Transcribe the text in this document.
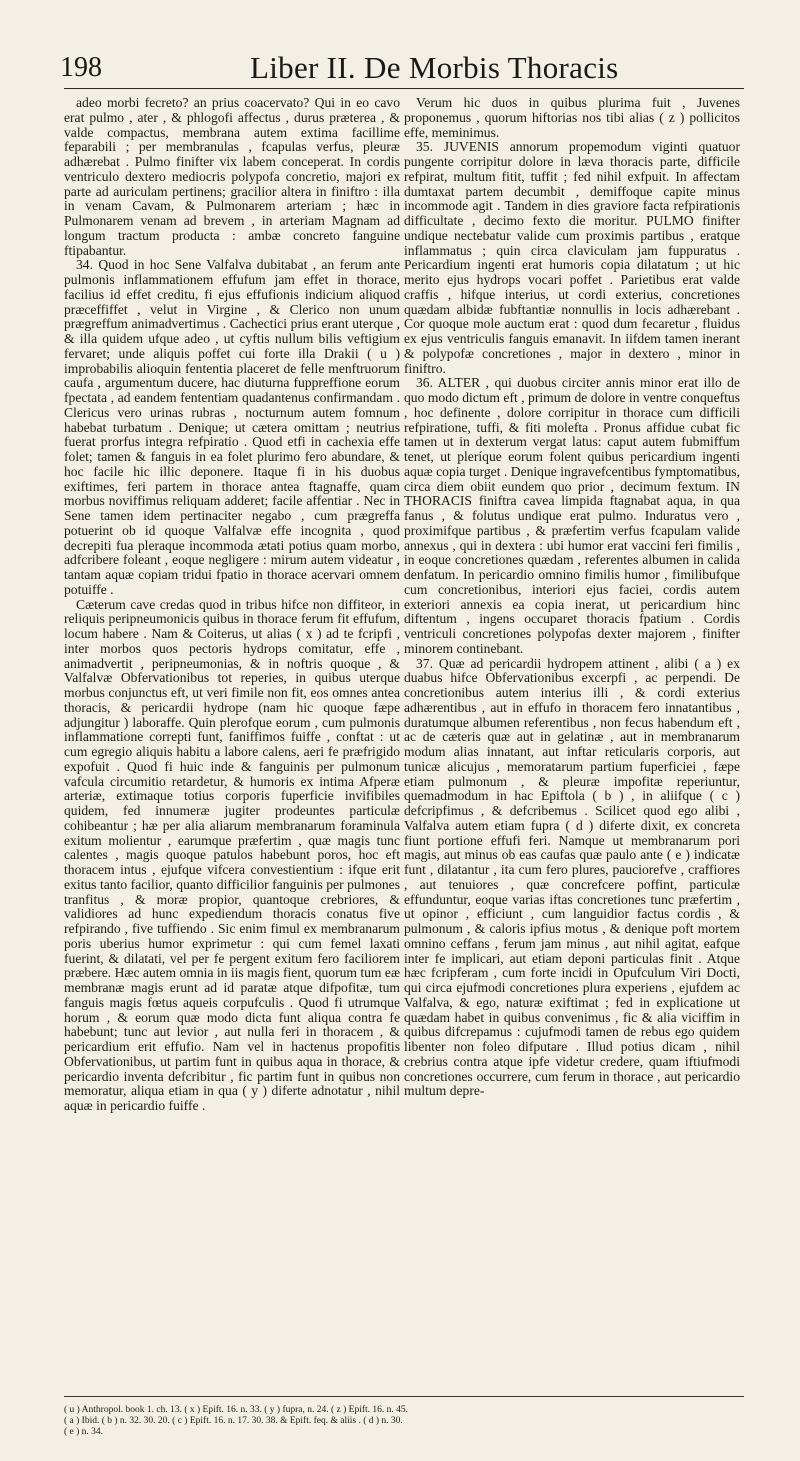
198	Liber II. De Morbis Thoracis

adeo morbi fecreto? an prius coacervato? Qui in eo cavo erat pulmo , ater , & phlogofi affectus , durus præterea , & valde compactus, membrana autem extima facillime feparabili ; per membranulas , fcapulas verfus, pleuræ adhærebat . Pulmo finifter vix labem conceperat. In cordis ventriculo dextero mediocris polypofa concretio, majori ex parte ad auriculam pertinens; gracilior altera in finiftro : illa in venam Cavam, & Pulmonarem arteriam ; hæc in Pulmonarem venam ad brevem , in arteriam Magnam ad longum tractum producta : ambæ concreto fanguine ftipabantur.

34. Quod in hoc Sene Valfalva dubitabat , an ferum ante pulmonis inflammationem effufum jam effet in thorace, facilius id effet creditu, fi ejus effufionis indicium aliquod præceffiffet , velut in Virgine , & Clerico non unum prægreffum animadvertimus . Cachectici prius erant uterque , & illa quidem ufque adeo , ut cyftis nullum bilis veftigium fervaret; unde aliquis poffet cui forte illa Drakii ( u ) improbabilis alioquin fententia placeret de felle menftruorum caufa , argumentum ducere, hac diuturna fuppreffione eorum fpectata , ad eandem fententiam quadantenus confirmandam . Clericus vero urinas rubras , nocturnum autem fomnum habebat turbatum . Denique; ut cætera omittam ; neutrius fuerat prorfus integra refpiratio . Quod etfi in cachexia effe folet; tamen & fanguis in ea folet plurimo fero abundare, & hoc facile hic illic deponere. Itaque fi in his duobus exiftimes, feri partem in thorace antea ftagnaffe, quam morbus noviffimus reliquam adderet; facile affentiar . Nec in Sene tamen idem pertinaciter negabo , cum prægreffa potuerint ob id quoque Valfalvæ effe incognita , quod decrepiti fua pleraque incommoda ætati potius quam morbo, adfcribere foleant , eoque negligere : mirum autem videatur , tantam aquæ copiam tridui fpatio in thorace acervari omnem potuiffe .

Cæterum cave credas quod in tribus hifce non diffiteor, in reliquis peripneumonicis quibus in thorace ferum fit effufum, locum habere . Nam & Coiterus, ut alias ( x ) ad te fcripfi , inter morbos quos pectoris hydrops comitatur, effe , animadvertit , peripneumonias, & in noftris quoque , & Valfalvæ Obfervationibus tot reperies, in quibus uterque morbus conjunctus eft, ut veri fimile non fit, eos omnes antea thoracis, & pericardii hydrope (nam hic quoque fæpe adjungitur ) laboraffe. Quin plerofque eorum , cum pulmonis inflammatione correpti funt, faniffimos fuiffe , conftat : ut cum egregio aliquis habitu a labore calens, aeri fe præfrigido expofuit . Quod fi huic inde & fanguinis per pulmonum vafcula circumitio retardetur, & humoris ex intima Afperæ arteriæ, extimaque totius corporis fuperficie invifibiles quidem, fed innumeræ jugiter prodeuntes particulæ cohibeantur ; hæ per alia aliarum membranarum foraminula exitum molientur , earumque præfertim , quæ magis tunc calentes , magis quoque patulos habebunt poros, hoc eft thoracem intus , ejufque vifcera convestientium : ifque erit exitus tanto facilior, quanto difficilior fanguinis per pulmones tranfitus , & moræ propior, quantoque crebriores, & validiores ad hunc expediendum thoracis conatus five refpirando , five tuffiendo . Sic enim fimul ex membranarum poris uberius humor exprimetur : qui cum femel laxati fuerint, & dilatati, vel per fe pergent exitum fero faciliorem præbere. Hæc autem omnia in iis magis fient, quorum tum eæ membranæ magis erunt ad id paratæ atque difpofitæ, tum fanguis magis fœtus aqueis corpufculis . Quod fi utrumque horum , & eorum quæ modo dicta funt aliqua contra fe habebunt; tunc aut levior , aut nulla feri in thoracem , & pericardium erit effufio. Nam vel in hactenus propofitis Obfervationibus, ut partim funt in quibus aqua in thorace, & pericardio inventa defcribitur , fic partim funt in quibus non memoratur, aliqua etiam in qua ( y ) diferte adnotatur , nihil aquæ in pericardio fuiffe .

Verum hic duos in quibus plurima fuit , Juvenes proponemus , quorum hiftorias nos tibi alias ( z ) pollicitos effe, meminimus.

35. JUVENIS annorum propemodum viginti quatuor pungente corripitur dolore in læva thoracis parte, difficile refpirat, multum fitit, tuffit ; fed nihil exfpuit. In affectam dumtaxat partem decumbit , demiffoque capite minus incommode agit . Tandem in dies graviore facta refpirationis difficultate , decimo fexto die moritur. PULMO finifter undique nectebatur valide cum proximis partibus , eratque inflammatus ; quin circa claviculam jam fuppuratus . Pericardium ingenti erat humoris copia dilatatum ; ut hic merito ejus hydrops vocari poffet . Parietibus erat valde craffis , hifque interius, ut cordi exterius, concretiones quædam albidæ fubftantiæ nonnullis in locis adhærebant . Cor quoque mole auctum erat : quod dum fecaretur , fluidus ex ejus ventriculis fanguis emanavit. In iifdem tamen inerant & polypofæ concretiones , major in dextero , minor in finiftro.

36. ALTER , qui duobus circiter annis minor erat illo de quo modo dictum eft , primum de dolore in ventre conqueftus , hoc definente , dolore corripitur in thorace cum difficili refpiratione, tuffi, & fiti molefta . Pronus affidue cubat fic tamen ut in dexterum vergat latus: caput autem fubmiffum tenet, ut pleríque eorum folent quibus pericardium ingenti aquæ copia turget . Denique ingravefcentibus fymptomatibus, circa diem obiit eundem quo prior , decimum fextum. IN THORACIS finiftra cavea limpida ftagnabat aqua, in qua fanus , & folutus undique erat pulmo. Induratus vero , proximifque partibus , & præfertim verfus fcapulam valide annexus , qui in dextera : ubi humor erat vaccini feri fimilis , in eoque concretiones quædam , referentes albumen in calida denfatum. In pericardio omnino fimilis humor , fimilibufque cum concretionibus, interiori ejus faciei, cordis autem exteriori annexis ea copia inerat, ut pericardium hinc diftentum , ingens occuparet thoracis fpatium . Cordis ventriculi concretiones polypofas dexter majorem , finifter minorem continebant.

37. Quæ ad pericardii hydropem attinent , alibi ( a ) ex duabus hifce Obfervationibus excerpfi , ac perpendi. De concretionibus autem interius illi , & cordi exterius adhærentibus , aut in effufo in thoracem fero innatantibus , duratumque albumen referentibus , non fecus habendum eft , ac de cæteris quæ aut in gelatinæ , aut in membranarum modum alias innatant, aut inftar reticularis corporis, aut tunicæ alicujus , memoratarum partium fuperficiei , fæpe etiam pulmonum , & pleuræ impofitæ reperiuntur, quemadmodum in hac Epiftola ( b ) , in aliifque ( c ) defcripfimus , & defcribemus . Scilicet quod ego alibi , Valfalva autem etiam fupra ( d ) diferte dixit, ex concreta fiunt portione effufi feri. Namque ut membranarum pori magis, aut minus ob eas caufas quæ paulo ante ( e ) indicatæ funt , dilatantur , ita cum fero plures, pauciorefve , craffiores , aut tenuiores , quæ concrefcere poffint, particulæ effunduntur, eoque varias iftas concretiones tunc præfertim , ut opinor , efficiunt , cum languidior factus cordis , & pulmonum , & caloris ipfius motus , & denique poft mortem omnino ceffans , ferum jam minus , aut nihil agitat, eafque inter fe implicari, aut etiam deponi particulas finit . Atque hæc fcripferam , cum forte incidi in Opufculum Viri Docti, qui circa ejufmodi concretiones plura experiens , ejufdem ac Valfalva, & ego, naturæ exiftimat ; fed in explicatione ut quædam habet in quibus convenimus , fic & alia viciffim in quibus difcrepamus : cujufmodi tamen de rebus ego quidem libenter non foleo difputare . Illud potius dicam , nihil crebrius contra atque ipfe videtur credere, quam iftiufmodi concretiones occurrere, cum ferum in thorace , aut pericardio multum depre-

( u ) Anthropol. book 1. ch. 13. ( x ) Epift. 16. n. 33. ( y ) fupra, n. 24. ( z ) Epift. 16. n. 45.
( a ) Ibid. ( b ) n. 32. 30. 20. ( c ) Epift. 16. n. 17. 30. 38. & Epift. feq. & aliis . ( d ) n. 30.
( e ) n. 34.
